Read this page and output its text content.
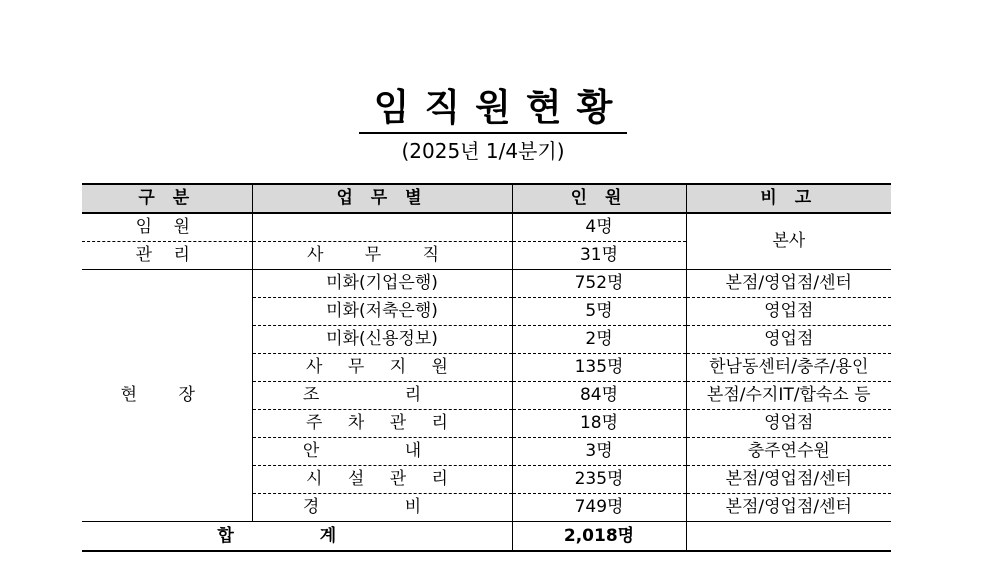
임직원현황
(2025년 1/4분기)
구 분	업 무 별	인 원	비 고
임 원		4명	본사
관 리	사 무 직	31명	
현 장	미화(기업은행)	752명	본점/영업점/센터
	미화(저축은행)	5명	영업점
	미화(신용정보)	2명	영업점
	사 무 지 원	135명	한남동센터/충주/용인
	조 리	84명	본점/수지IT/합숙소 등
	주 차 관 리	18명	영업점
	안 내	3명	충주연수원
	시 설 관 리	235명	본점/영업점/센터
	경 비	749명	본점/영업점/센터
합 계		2,018명	
